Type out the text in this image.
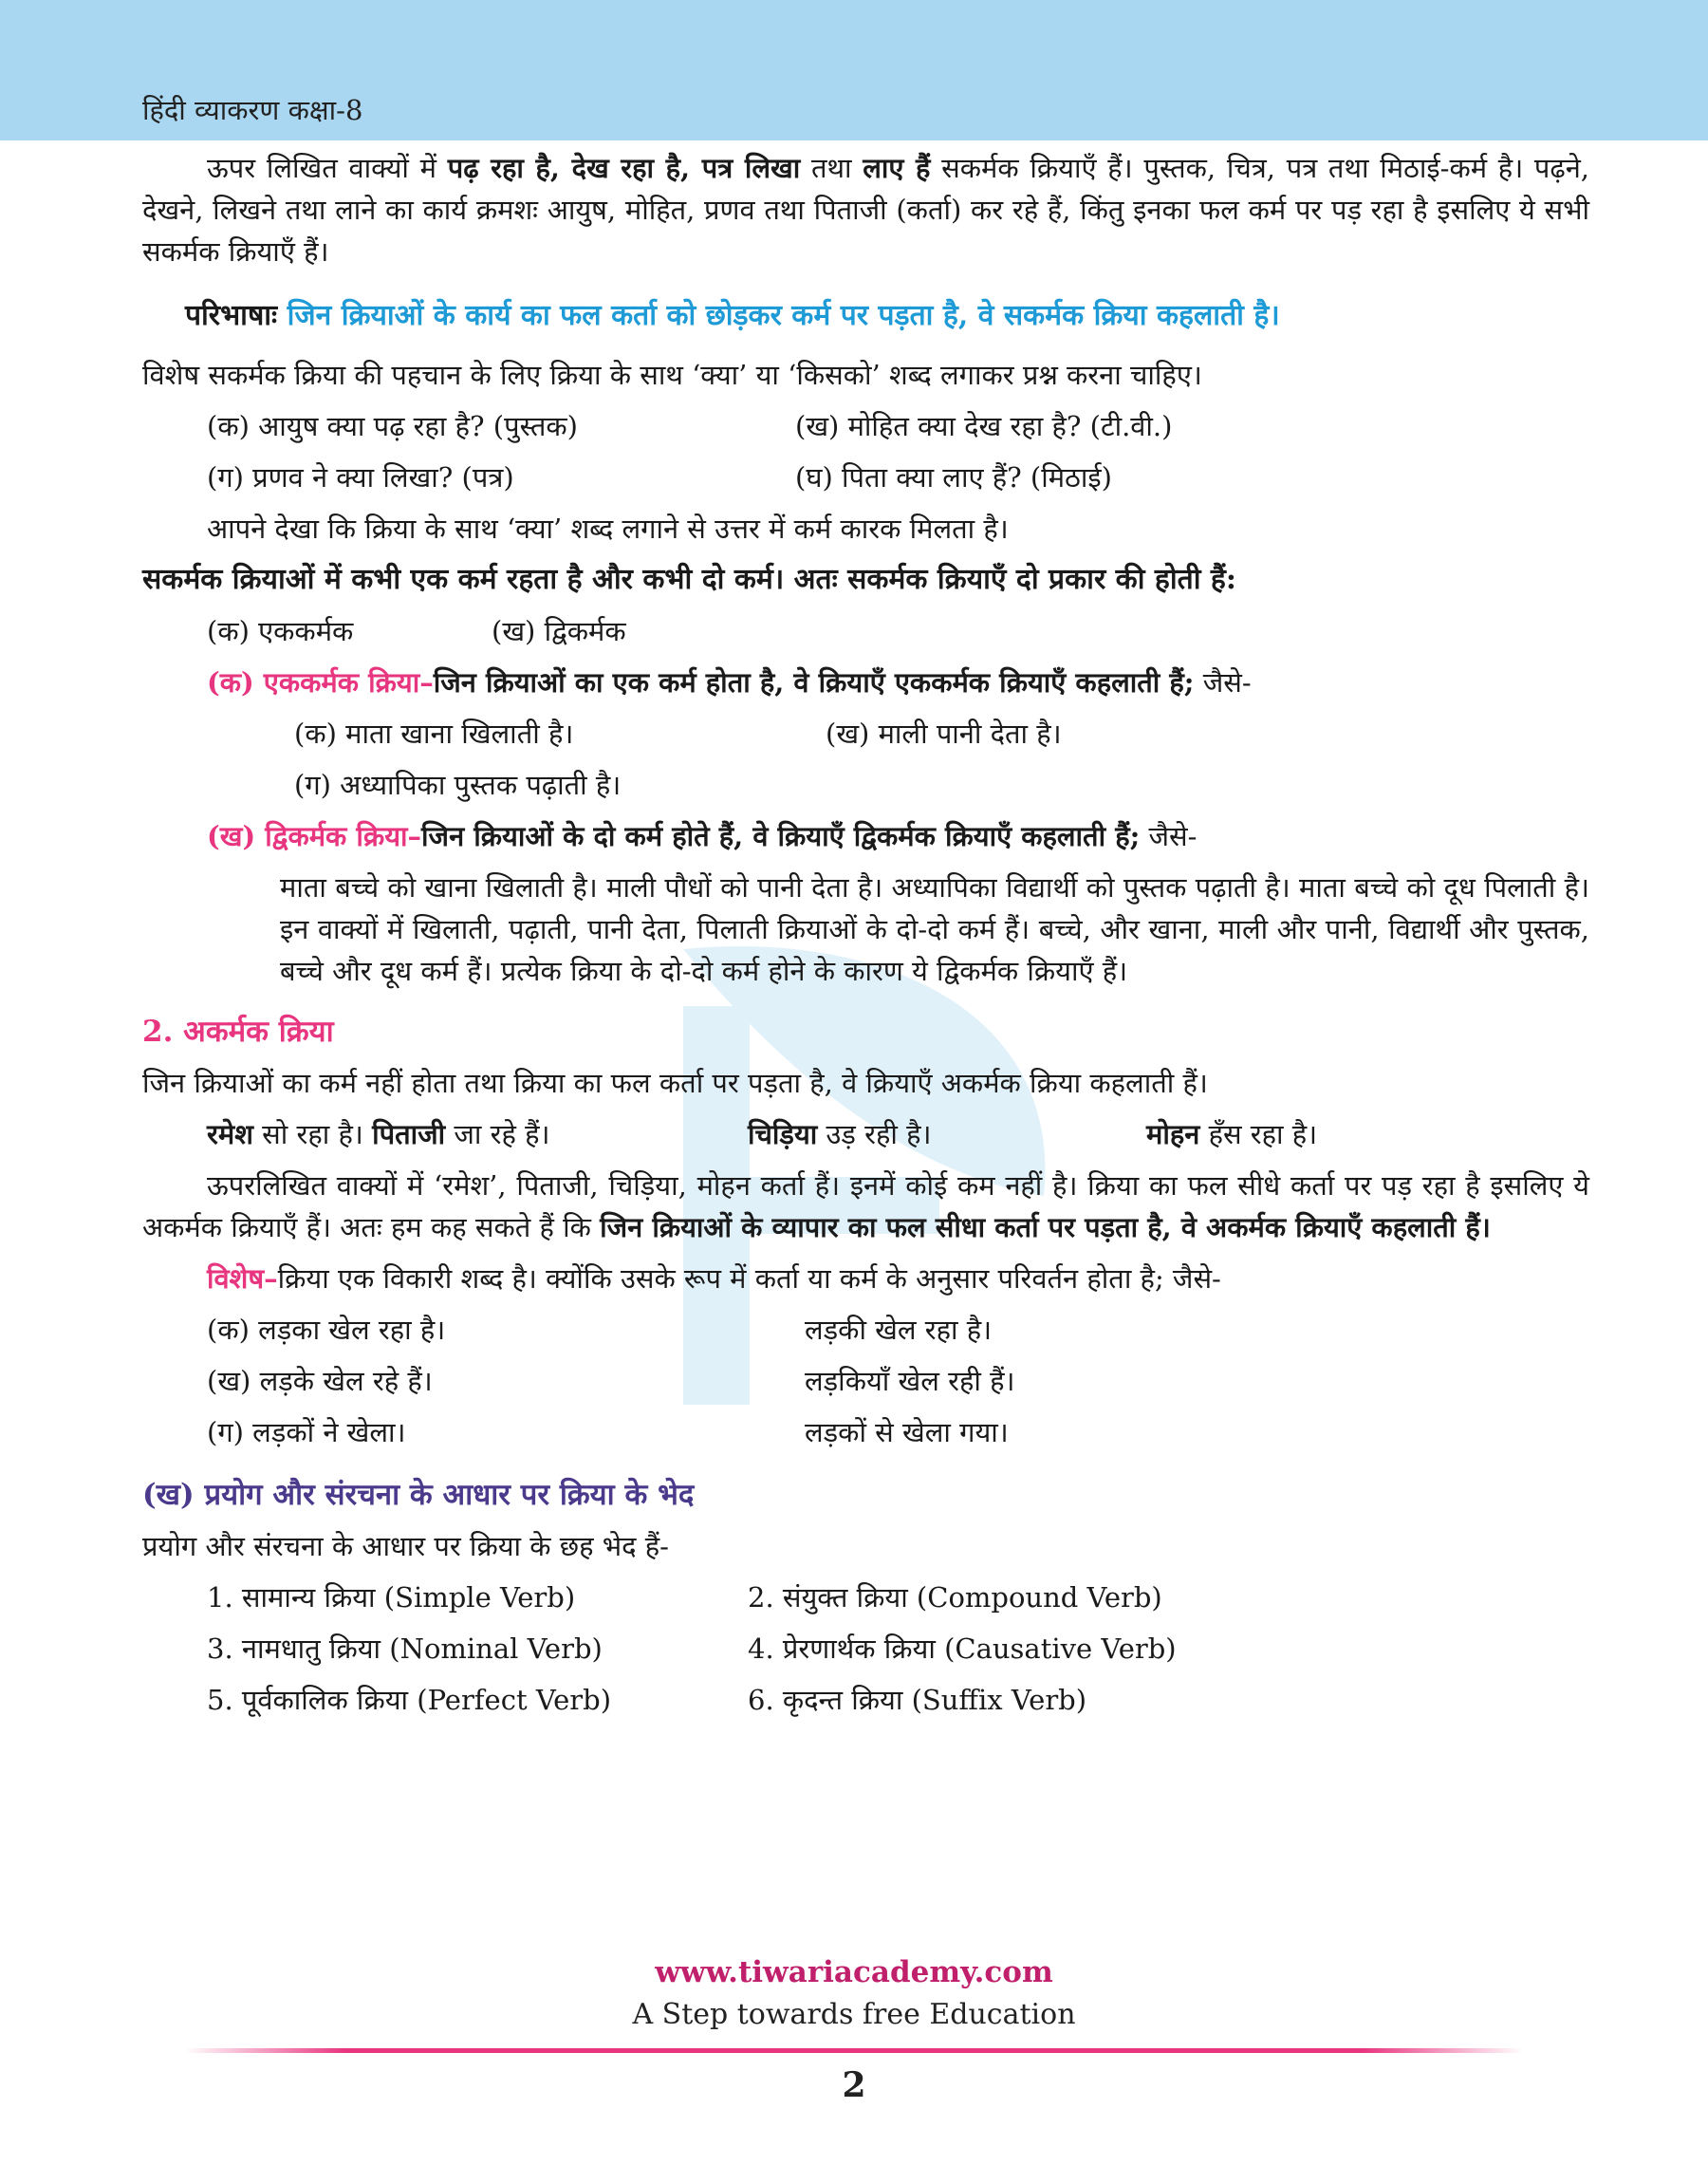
हिंदी व्याकरण कक्षा-8

ऊपर लिखित वाक्यों में पढ़ रहा है, देख रहा है, पत्र लिखा तथा लाए हैं सकर्मक क्रियाएँ हैं। पुस्तक, चित्र, पत्र तथा मिठाई-कर्म है। पढ़ने, देखने, लिखने तथा लाने का कार्य क्रमशः आयुष, मोहित, प्रणव तथा पिताजी (कर्ता) कर रहे हैं, किंतु इनका फल कर्म पर पड़ रहा है इसलिए ये सभी सकर्मक क्रियाएँ हैं।

परिभाषाः जिन क्रियाओं के कार्य का फल कर्ता को छोड़कर कर्म पर पड़ता है, वे सकर्मक क्रिया कहलाती है।

विशेष सकर्मक क्रिया की पहचान के लिए क्रिया के साथ ‘क्या’ या ‘किसको’ शब्द लगाकर प्रश्न करना चाहिए।

(क) आयुष क्या पढ़ रहा है? (पुस्तक)	(ख) मोहित क्या देख रहा है? (टी.वी.)
(ग) प्रणव ने क्या लिखा? (पत्र)	(घ) पिता क्या लाए हैं? (मिठाई)

आपने देखा कि क्रिया के साथ ‘क्या’ शब्द लगाने से उत्तर में कर्म कारक मिलता है।

सकर्मक क्रियाओं में कभी एक कर्म रहता है और कभी दो कर्म। अतः सकर्मक क्रियाएँ दो प्रकार की होती हैं:

(क) एककर्मक	(ख) द्विकर्मक

(क) एककर्मक क्रिया–जिन क्रियाओं का एक कर्म होता है, वे क्रियाएँ एककर्मक क्रियाएँ कहलाती हैं; जैसे-

(क) माता खाना खिलाती है।	(ख) माली पानी देता है।

(ग) अध्यापिका पुस्तक पढ़ाती है।

(ख) द्विकर्मक क्रिया–जिन क्रियाओं के दो कर्म होते हैं, वे क्रियाएँ द्विकर्मक क्रियाएँ कहलाती हैं; जैसे-

माता बच्चे को खाना खिलाती है। माली पौधों को पानी देता है। अध्यापिका विद्यार्थी को पुस्तक पढ़ाती है। माता बच्चे को दूध पिलाती है। इन वाक्यों में खिलाती, पढ़ाती, पानी देता, पिलाती क्रियाओं के दो-दो कर्म हैं। बच्चे, और खाना, माली और पानी, विद्यार्थी और पुस्तक, बच्चे और दूध कर्म हैं। प्रत्येक क्रिया के दो-दो कर्म होने के कारण ये द्विकर्मक क्रियाएँ हैं।

2. अकर्मक क्रिया

जिन क्रियाओं का कर्म नहीं होता तथा क्रिया का फल कर्ता पर पड़ता है, वे क्रियाएँ अकर्मक क्रिया कहलाती हैं।

रमेश सो रहा है। पिताजी जा रहे हैं।	चिड़िया उड़ रही है।	मोहन हँस रहा है।

ऊपरलिखित वाक्यों में ‘रमेश’, पिताजी, चिड़िया, मोहन कर्ता हैं। इनमें कोई कम नहीं है। क्रिया का फल सीधे कर्ता पर पड़ रहा है इसलिए ये अकर्मक क्रियाएँ हैं। अतः हम कह सकते हैं कि जिन क्रियाओं के व्यापार का फल सीधा कर्ता पर पड़ता है, वे अकर्मक क्रियाएँ कहलाती हैं।

विशेष–क्रिया एक विकारी शब्द है। क्योंकि उसके रूप में कर्ता या कर्म के अनुसार परिवर्तन होता है; जैसे-

(क) लड़का खेल रहा है।	लड़की खेल रहा है।
(ख) लड़के खेल रहे हैं।	लड़कियाँ खेल रही हैं।
(ग) लड़कों ने खेला।	लड़कों से खेला गया।

(ख) प्रयोग और संरचना के आधार पर क्रिया के भेद

प्रयोग और संरचना के आधार पर क्रिया के छह भेद हैं-

1. सामान्य क्रिया (Simple Verb)	2. संयुक्त क्रिया (Compound Verb)
3. नामधातु क्रिया (Nominal Verb)	4. प्रेरणार्थक क्रिया (Causative Verb)
5. पूर्वकालिक क्रिया (Perfect Verb)	6. कृदन्त क्रिया (Suffix Verb)
www.tiwariacademy.com
A Step towards free Education
2
